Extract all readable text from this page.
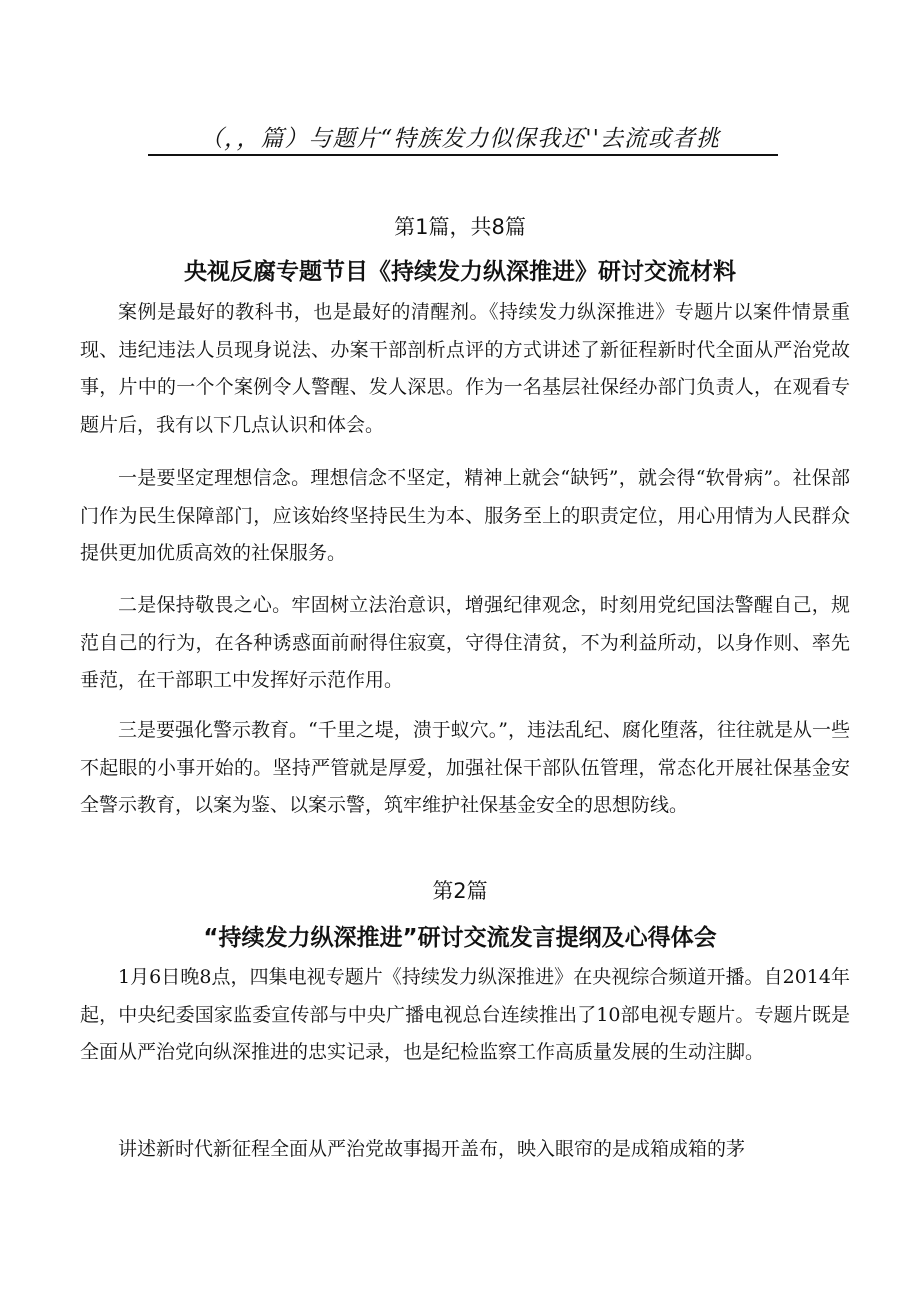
（，，篇）与题片“特族发力似保我还''去流或者挑
第1篇，共8篇
央视反腐专题节目《持续发力纵深推进》研讨交流材料

案例是最好的教科书，也是最好的清醒剂。《持续发力纵深推进》专题片以案件情景重现、违纪违法人员现身说法、办案干部剖析点评的方式讲述了新征程新时代全面从严治党故事，片中的一个个案例令人警醒、发人深思。作为一名基层社保经办部门负责人，在观看专题片后，我有以下几点认识和体会。

一是要坚定理想信念。理想信念不坚定，精神上就会“缺钙”，就会得“软骨病”。社保部门作为民生保障部门，应该始终坚持民生为本、服务至上的职责定位，用心用情为人民群众提供更加优质高效的社保服务。

二是保持敬畏之心。牢固树立法治意识，增强纪律观念，时刻用党纪国法警醒自己，规范自己的行为，在各种诱惑面前耐得住寂寞，守得住清贫，不为利益所动，以身作则、率先垂范，在干部职工中发挥好示范作用。

三是要强化警示教育。“千里之堤，溃于蚁穴。”，违法乱纪、腐化堕落，往往就是从一些不起眼的小事开始的。坚持严管就是厚爱，加强社保干部队伍管理，常态化开展社保基金安全警示教育，以案为鉴、以案示警，筑牢维护社保基金安全的思想防线。

第2篇
“持续发力纵深推进”研讨交流发言提纲及心得体会

1月6日晚8点，四集电视专题片《持续发力纵深推进》在央视综合频道开播。自2014年起，中央纪委国家监委宣传部与中央广播电视总台连续推出了10部电视专题片。专题片既是全面从严治党向纵深推进的忠实记录，也是纪检监察工作高质量发展的生动注脚。

讲述新时代新征程全面从严治党故事揭开盖布，映入眼帘的是成箱成箱的茅
